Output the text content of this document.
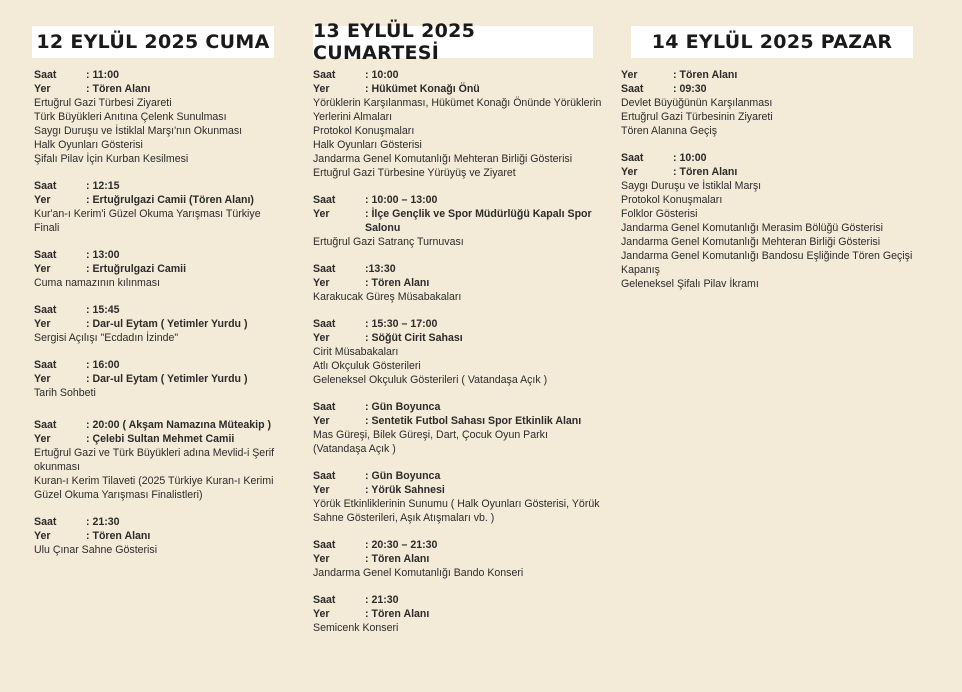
12 EYLÜL 2025 CUMA
Saat	: 11:00
Yer	: Tören Alanı
Ertuğrul Gazi Türbesi Ziyareti
Türk Büyükleri Anıtına Çelenk Sunulması
Saygı Duruşu ve İstiklal Marşı'nın Okunması
Halk Oyunları Gösterisi
Şifalı Pilav İçin Kurban Kesilmesi
Saat	: 12:15
Yer	: Ertuğrulgazi Camii (Tören Alanı)
Kur'an-ı Kerim'i Güzel Okuma Yarışması Türkiye Finali
Saat	: 13:00
Yer	: Ertuğrulgazi Camii
Cuma namazının kılınması
Saat	: 15:45
Yer	: Dar-ul Eytam ( Yetimler Yurdu )
Sergisi Açılışı "Ecdadın İzinde"
Saat	: 16:00
Yer	: Dar-ul Eytam ( Yetimler Yurdu )
Tarih Sohbeti
Saat	: 20:00 ( Akşam Namazına Müteakip )
Yer	: Çelebi Sultan Mehmet Camii
Ertuğrul Gazi ve Türk Büyükleri adına Mevlid-i Şerif okunması
Kuran-ı Kerim Tilaveti (2025 Türkiye Kuran-ı Kerimi Güzel Okuma Yarışması Finalistleri)
Saat	: 21:30
Yer	: Tören Alanı
Ulu Çınar Sahne Gösterisi
13 EYLÜL 2025 CUMARTESİ
Saat	: 10:00
Yer	: Hükümet Konağı Önü
Yörüklerin Karşılanması, Hükümet Konağı Önünde Yörüklerin Yerlerini Almaları
Protokol Konuşmaları
Halk Oyunları Gösterisi
Jandarma Genel Komutanlığı Mehteran Birliği Gösterisi
Ertuğrul Gazi Türbesine Yürüyüş ve Ziyaret
Saat	: 10:00 – 13:00
Yer	: İlçe Gençlik ve Spor Müdürlüğü Kapalı Spor Salonu
Ertuğrul Gazi Satranç Turnuvası
Saat	:13:30
Yer	: Tören Alanı
Karakucak Güreş Müsabakaları
Saat	: 15:30 – 17:00
Yer	: Söğüt Cirit Sahası
Cirit Müsabakaları
Atlı Okçuluk Gösterileri
Geleneksel Okçuluk Gösterileri ( Vatandaşa Açık )
Saat	: Gün Boyunca
Yer	: Sentetik Futbol Sahası Spor Etkinlik Alanı
Mas Güreşi, Bilek Güreşi, Dart, Çocuk Oyun Parkı (Vatandaşa Açık )
Saat	: Gün Boyunca
Yer	: Yörük Sahnesi
Yörük Etkinliklerinin Sunumu ( Halk Oyunları Gösterisi, Yörük Sahne Gösterileri, Aşık Atışmaları vb. )
Saat	: 20:30 – 21:30
Yer	: Tören Alanı
Jandarma Genel Komutanlığı Bando Konseri
Saat	: 21:30
Yer	: Tören Alanı
Semicenk Konseri
14 EYLÜL 2025 PAZAR
Yer	: Tören Alanı
Saat	: 09:30
Devlet Büyüğünün Karşılanması
Ertuğrul Gazi Türbesinin Ziyareti
Tören Alanına Geçiş
Saat	: 10:00
Yer	: Tören Alanı
Saygı Duruşu ve İstiklal Marşı
Protokol Konuşmaları
Folklor Gösterisi
Jandarma Genel Komutanlığı Merasim Bölüğü Gösterisi
Jandarma Genel Komutanlığı Mehteran Birliği Gösterisi
Jandarma Genel Komutanlığı Bandosu Eşliğinde Tören Geçişi Kapanış
Geleneksel Şifalı Pilav İkramı
